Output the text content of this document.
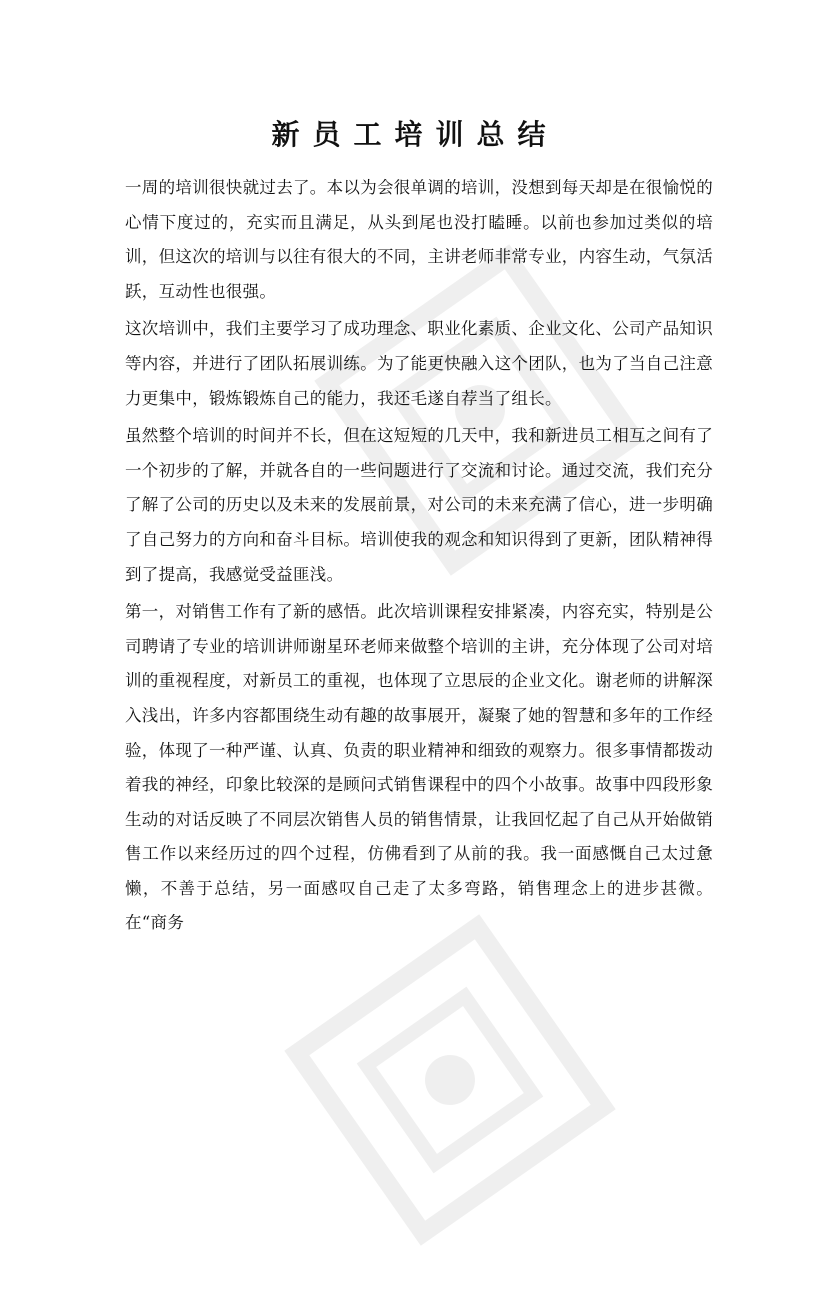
新员工培训总结

一周的培训很快就过去了。本以为会很单调的培训，没想到每天却是在很愉悦的心情下度过的，充实而且满足，从头到尾也没打瞌睡。以前也参加过类似的培训，但这次的培训与以往有很大的不同，主讲老师非常专业，内容生动，气氛活跃，互动性也很强。

这次培训中，我们主要学习了成功理念、职业化素质、企业文化、公司产品知识等内容，并进行了团队拓展训练。为了能更快融入这个团队，也为了当自己注意力更集中，锻炼锻炼自己的能力，我还毛遂自荐当了组长。

虽然整个培训的时间并不长，但在这短短的几天中，我和新进员工相互之间有了一个初步的了解，并就各自的一些问题进行了交流和讨论。通过交流，我们充分了解了公司的历史以及未来的发展前景，对公司的未来充满了信心，进一步明确了自己努力的方向和奋斗目标。培训使我的观念和知识得到了更新，团队精神得到了提高，我感觉受益匪浅。

第一，对销售工作有了新的感悟。此次培训课程安排紧凑，内容充实，特别是公司聘请了专业的培训讲师谢星环老师来做整个培训的主讲，充分体现了公司对培训的重视程度，对新员工的重视，也体现了立思辰的企业文化。谢老师的讲解深入浅出，许多内容都围绕生动有趣的故事展开，凝聚了她的智慧和多年的工作经验，体现了一种严谨、认真、负责的职业精神和细致的观察力。很多事情都拨动着我的神经，印象比较深的是顾问式销售课程中的四个小故事。故事中四段形象生动的对话反映了不同层次销售人员的销售情景，让我回忆起了自己从开始做销售工作以来经历过的四个过程，仿佛看到了从前的我。我一面感慨自己太过惫懒，不善于总结，另一面感叹自己走了太多弯路，销售理念上的进步甚微。在“商务
